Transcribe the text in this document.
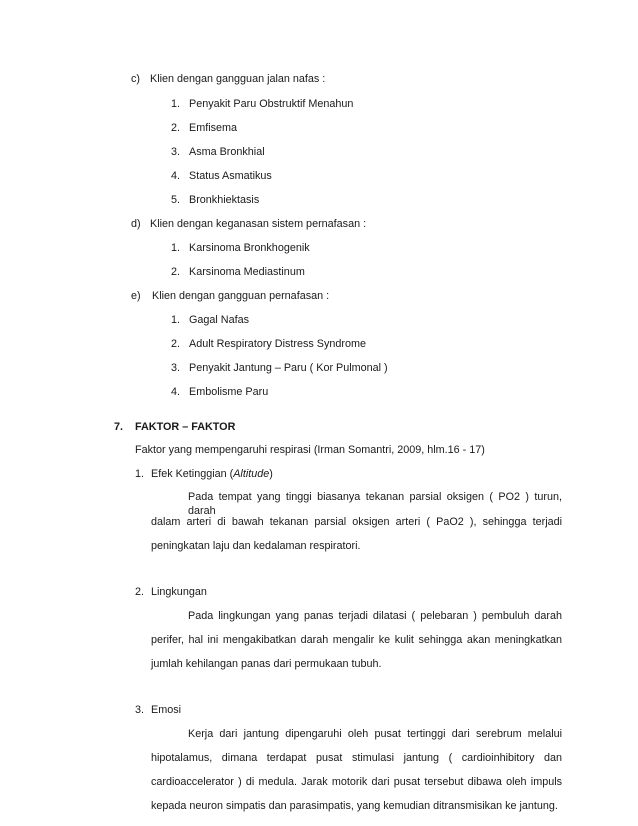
c) Klien dengan gangguan jalan nafas :
1. Penyakit Paru Obstruktif Menahun
2. Emfisema
3. Asma Bronkhial
4. Status Asmatikus
5. Bronkhiektasis
d) Klien dengan keganasan sistem pernafasan :
1. Karsinoma Bronkhogenik
2. Karsinoma Mediastinum
e) Klien dengan gangguan pernafasan :
1. Gagal Nafas
2. Adult Respiratory Distress Syndrome
3. Penyakit Jantung – Paru ( Kor Pulmonal )
4. Embolisme Paru
7. FAKTOR – FAKTOR
Faktor yang mempengaruhi respirasi (Irman Somantri, 2009, hlm.16 - 17)
1. Efek Ketinggian (Altitude)
Pada tempat yang tinggi biasanya tekanan parsial oksigen ( PO2 ) turun, darah
dalam arteri di bawah tekanan parsial oksigen arteri ( PaO2 ), sehingga terjadi
peningkatan laju dan kedalaman respiratori.
2. Lingkungan
Pada lingkungan yang panas terjadi dilatasi ( pelebaran ) pembuluh darah
perifer, hal ini mengakibatkan darah mengalir ke kulit sehingga akan meningkatkan
jumlah kehilangan panas dari permukaan tubuh.
3. Emosi
Kerja dari jantung dipengaruhi oleh pusat tertinggi dari serebrum melalui
hipotalamus, dimana terdapat pusat stimulasi jantung ( cardioinhibitory dan
cardioaccelerator ) di medula. Jarak motorik dari pusat tersebut dibawa oleh impuls
kepada neuron simpatis dan parasimpatis, yang kemudian ditransmisikan ke jantung.
